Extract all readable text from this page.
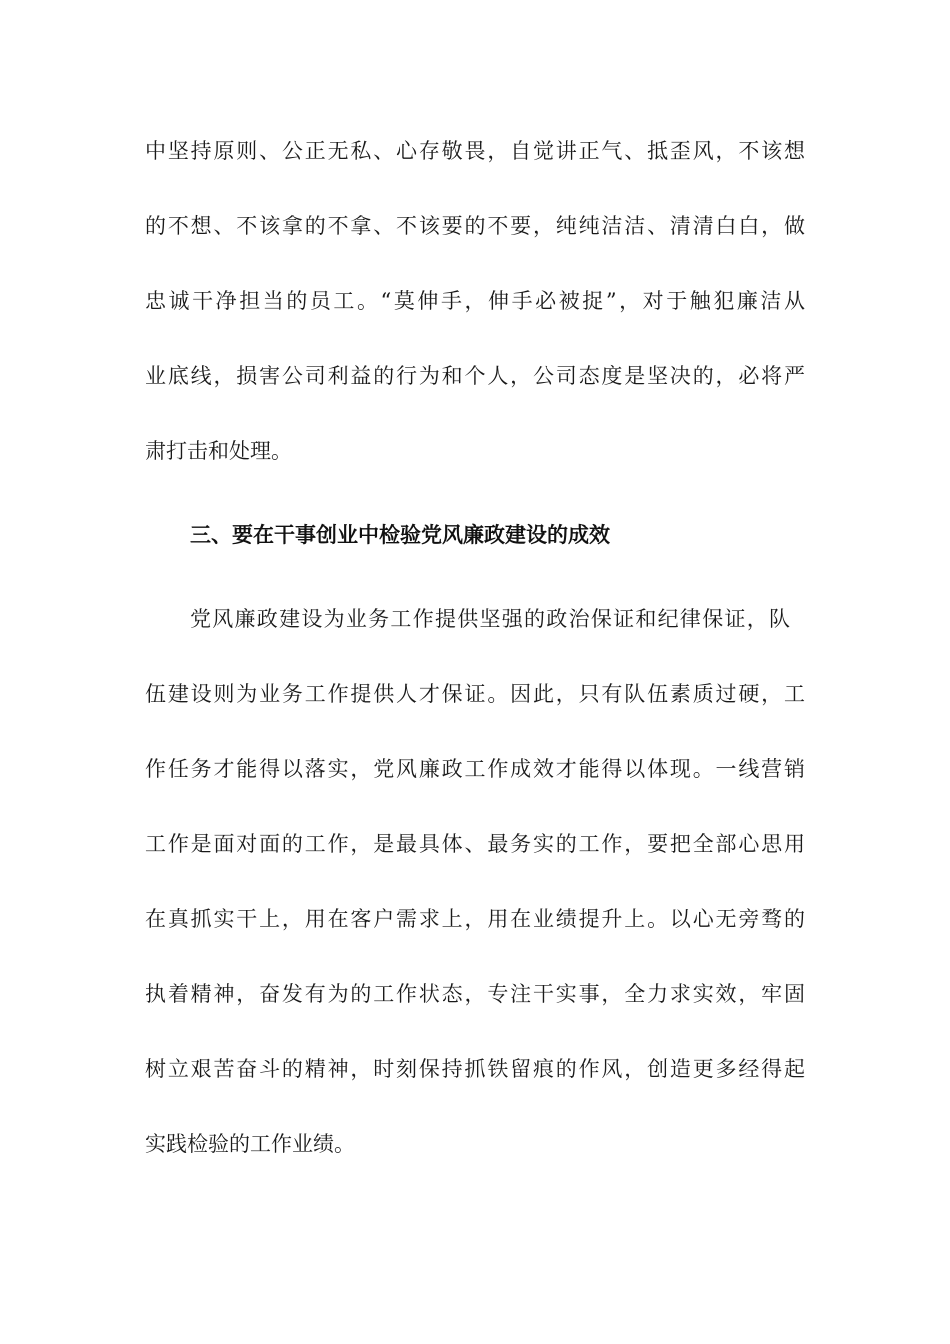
中坚持原则、公正无私、心存敬畏，自觉讲正气、抵歪风，不该想
的不想、不该拿的不拿、不该要的不要，纯纯洁洁、清清白白，做
忠诚干净担当的员工。“莫伸手，伸手必被捉”，对于触犯廉洁从
业底线，损害公司利益的行为和个人，公司态度是坚决的，必将严
肃打击和处理。
三、要在干事创业中检验党风廉政建设的成效
党风廉政建设为业务工作提供坚强的政治保证和纪律保证，队
伍建设则为业务工作提供人才保证。因此，只有队伍素质过硬，工
作任务才能得以落实，党风廉政工作成效才能得以体现。一线营销
工作是面对面的工作，是最具体、最务实的工作，要把全部心思用
在真抓实干上，用在客户需求上，用在业绩提升上。以心无旁骛的
执着精神，奋发有为的工作状态，专注干实事，全力求实效，牢固
树立艰苦奋斗的精神，时刻保持抓铁留痕的作风，创造更多经得起
实践检验的工作业绩。
